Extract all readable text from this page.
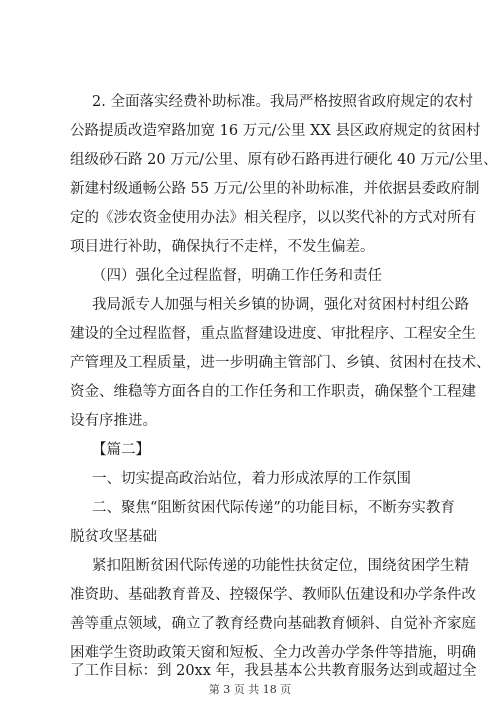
2. 全面落实经费补助标准。我局严格按照省政府规定的农村
公路提质改造窄路加宽 16 万元/公里 XX 县区政府规定的贫困村
组级砂石路 20 万元/公里、原有砂石路再进行硬化 40 万元/公里、
新建村级通畅公路 55 万元/公里的补助标准，并依据县委政府制
定的《涉农资金使用办法》相关程序，以以奖代补的方式对所有
项目进行补助，确保执行不走样，不发生偏差。
（四）强化全过程监督，明确工作任务和责任
我局派专人加强与相关乡镇的协调，强化对贫困村村组公路
建设的全过程监督，重点监督建设进度、审批程序、工程安全生
产管理及工程质量，进一步明确主管部门、乡镇、贫困村在技术、
资金、维稳等方面各自的工作任务和工作职责，确保整个工程建
设有序推进。
【篇二】
一、切实提高政治站位，着力形成浓厚的工作氛围
二、聚焦“阻断贫困代际传递”的功能目标，不断夯实教育
脱贫攻坚基础
紧扣阻断贫困代际传递的功能性扶贫定位，围绕贫困学生精
准资助、基础教育普及、控辍保学、教师队伍建设和办学条件改
善等重点领域，确立了教育经费向基础教育倾斜、自觉补齐家庭
困难学生资助政策天窗和短板、全力改善办学条件等措施，明确
第 3 页 共 18 页
了工作目标：到 20xx 年，我县基本公共教育服务达到或超过全
